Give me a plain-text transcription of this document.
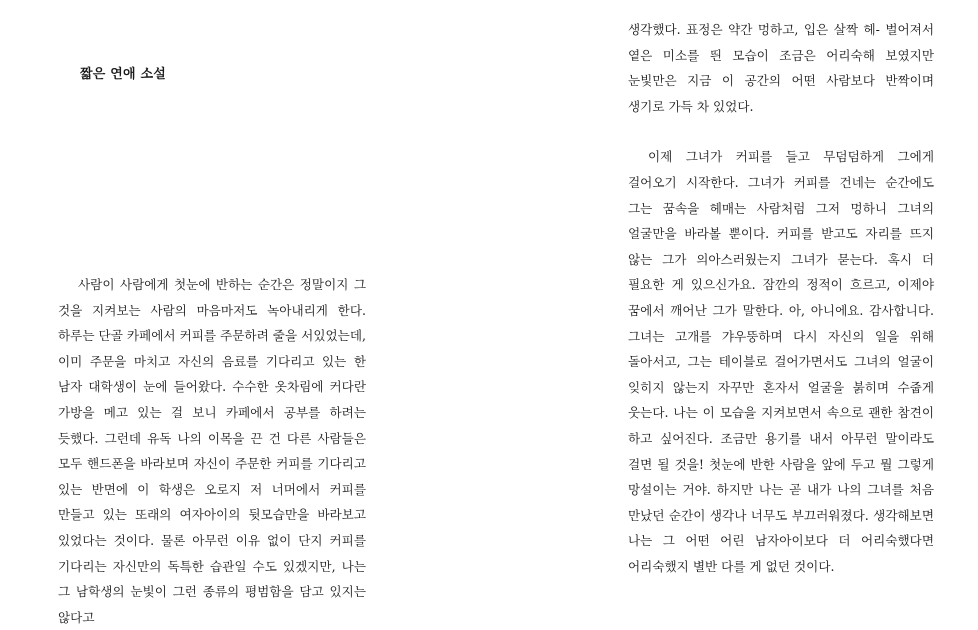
짧은 연애 소설

사람이 사람에게 첫눈에 반하는 순간은 정말이지 그 것을 지켜보는 사람의 마음마저도 녹아내리게 한다. 하루는 단골 카페에서 커피를 주문하려 줄을 서있었는데, 이미 주문을 마치고 자신의 음료를 기다리고 있는 한 남자 대학생이 눈에 들어왔다. 수수한 옷차림에 커다란 가방을 메고 있는 걸 보니 카페에서 공부를 하려는 듯했다. 그런데 유독 나의 이목을 끈 건 다른 사람들은 모두 핸드폰을 바라보며 자신이 주문한 커피를 기다리고 있는 반면에 이 학생은 오로지 저 너머에서 커피를 만들고 있는 또래의 여자아이의 뒷모습만을 바라보고 있었다는 것이다. 물론 아무런 이유 없이 단지 커피를 기다리는 자신만의 독특한 습관일 수도 있겠지만, 나는 그 남학생의 눈빛이 그런 종류의 평범함을 담고 있지는 않다고

생각했다. 표정은 약간 멍하고, 입은 살짝 헤- 벌어져서 옅은 미소를 띈 모습이 조금은 어리숙해 보였지만 눈빛만은 지금 이 공간의 어떤 사람보다 반짝이며 생기로 가득 차 있었다.

이제 그녀가 커피를 들고 무덤덤하게 그에게 걸어오기 시작한다. 그녀가 커피를 건네는 순간에도 그는 꿈속을 헤매는 사람처럼 그저 멍하니 그녀의 얼굴만을 바라볼 뿐이다. 커피를 받고도 자리를 뜨지 않는 그가 의아스러웠는지 그녀가 묻는다. 혹시 더 필요한 게 있으신가요. 잠깐의 정적이 흐르고, 이제야 꿈에서 깨어난 그가 말한다. 아, 아니에요. 감사합니다. 그녀는 고개를 갸우뚱하며 다시 자신의 일을 위해 돌아서고, 그는 테이블로 걸어가면서도 그녀의 얼굴이 잊히지 않는지 자꾸만 혼자서 얼굴을 붉히며 수줍게 웃는다. 나는 이 모습을 지켜보면서 속으로 괜한 참견이 하고 싶어진다. 조금만 용기를 내서 아무런 말이라도 걸면 될 것을! 첫눈에 반한 사람을 앞에 두고 뭘 그렇게 망설이는 거야. 하지만 나는 곧 내가 나의 그녀를 처음 만났던 순간이 생각나 너무도 부끄러워졌다. 생각해보면 나는 그 어떤 어린 남자아이보다 더 어리숙했다면 어리숙했지 별반 다를 게 없던 것이다.
